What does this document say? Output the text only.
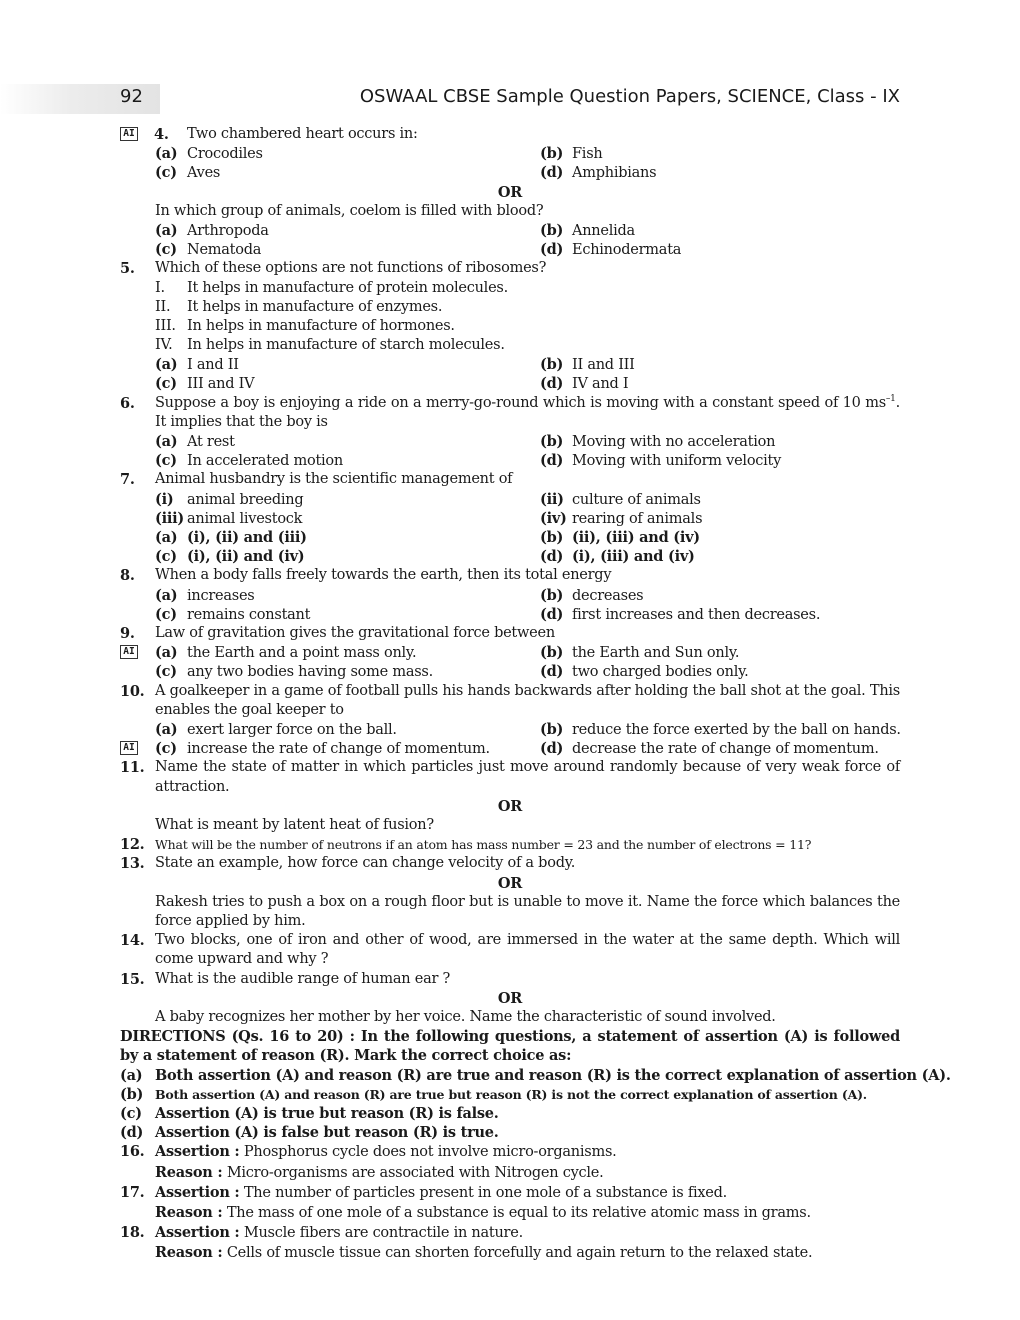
92	OSWAAL CBSE Sample Question Papers, SCIENCE, Class - IX
AI 4. Two chambered heart occurs in:
(a) Crocodiles	(b) Fish
(c) Aves	(d) Amphibians
OR
In which group of animals, coelom is filled with blood?
(a) Arthropoda	(b) Annelida
(c) Nematoda	(d) Echinodermata
5. Which of these options are not functions of ribosomes?
I. It helps in manufacture of protein molecules.
II. It helps in manufacture of enzymes.
III. In helps in manufacture of hormones.
IV. In helps in manufacture of starch molecules.
(a) I and II	(b) II and III
(c) III and IV	(d) IV and I
6. Suppose a boy is enjoying a ride on a merry-go-round which is moving with a constant speed of 10 $ms^{-1}$. It implies that the boy is
(a) At rest	(b) Moving with no acceleration
(c) In accelerated motion	(d) Moving with uniform velocity
7. Animal husbandry is the scientific management of
(i) animal breeding	(ii) culture of animals
(iii) animal livestock	(iv) rearing of animals
(a) (i), (ii) and (iii)	(b) (ii), (iii) and (iv)
(c) (i), (ii) and (iv)	(d) (i), (iii) and (iv)
8. When a body falls freely towards the earth, then its total energy
(a) increases	(b) decreases
(c) remains constant	(d) first increases and then decreases.
9. Law of gravitation gives the gravitational force between
AI (a) the Earth and a point mass only.	(b) the Earth and Sun only.
(c) any two bodies having some mass.	(d) two charged bodies only.
10. A goalkeeper in a game of football pulls his hands backwards after holding the ball shot at the goal. This enables the goal keeper to
(a) exert larger force on the ball.	(b) reduce the force exerted by the ball on hands.
AI (c) increase the rate of change of momentum.	(d) decrease the rate of change of momentum.
11. Name the state of matter in which particles just move around randomly because of very weak force of attraction.
OR
What is meant by latent heat of fusion?
12. What will be the number of neutrons if an atom has mass number = 23 and the number of electrons = 11?
13. State an example, how force can change velocity of a body.
OR
Rakesh tries to push a box on a rough floor but is unable to move it. Name the force which balances the force applied by him.
14. Two blocks, one of iron and other of wood, are immersed in the water at the same depth. Which will come upward and why ?
15. What is the audible range of human ear ?
OR
A baby recognizes her mother by her voice. Name the characteristic of sound involved.
DIRECTIONS (Qs. 16 to 20) : In the following questions, a statement of assertion (A) is followed by a statement of reason (R). Mark the correct choice as:
(a) Both assertion (A) and reason (R) are true and reason (R) is the correct explanation of assertion (A).
(b) Both assertion (A) and reason (R) are true but reason (R) is not the correct explanation of assertion (A).
(c) Assertion (A) is true but reason (R) is false.
(d) Assertion (A) is false but reason (R) is true.
16. Assertion : Phosphorus cycle does not involve micro-organisms.
Reason : Micro-organisms are associated with Nitrogen cycle.
17. Assertion : The number of particles present in one mole of a substance is fixed.
Reason : The mass of one mole of a substance is equal to its relative atomic mass in grams.
18. Assertion : Muscle fibers are contractile in nature.
Reason : Cells of muscle tissue can shorten forcefully and again return to the relaxed state.
